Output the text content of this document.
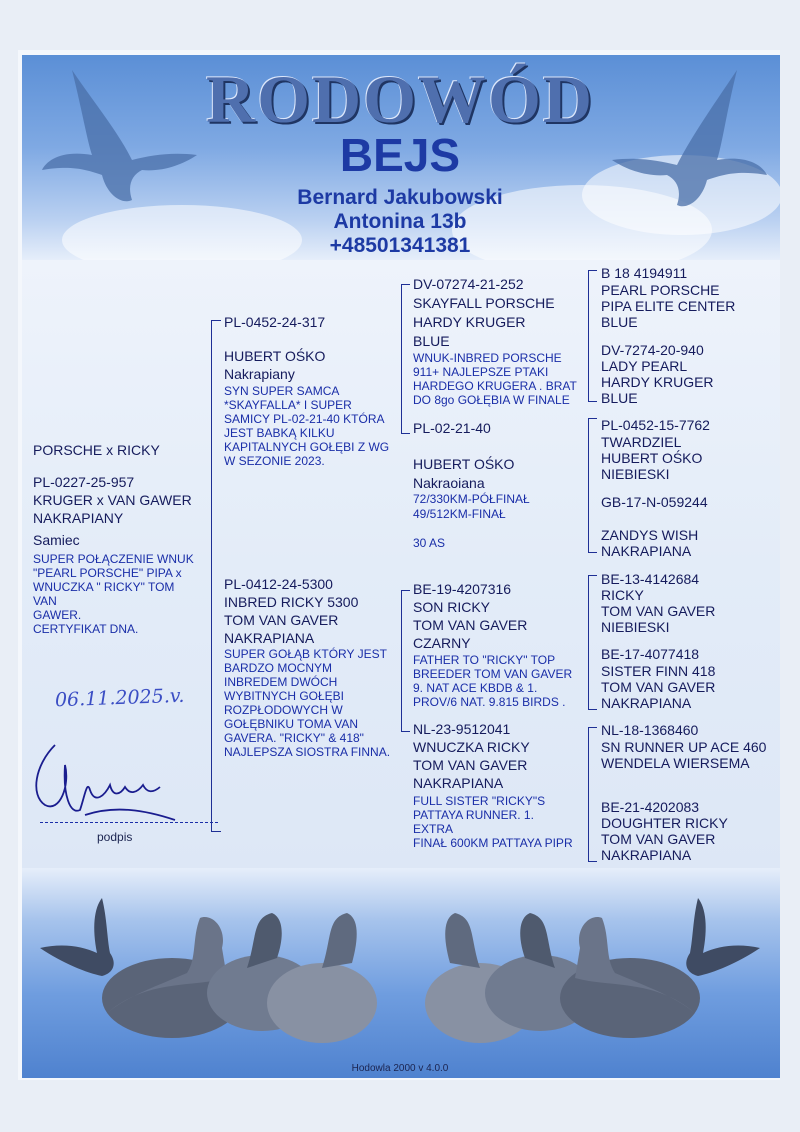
RODOWÓD
BEJS
Bernard Jakubowski
Antonina 13b
+48501341381
PORSCHE x RICKY
PL-0227-25-957
KRUGER x VAN GAWER
NAKRAPIANY
Samiec
SUPER POŁĄCZENIE WNUK
"PEARL PORSCHE" PIPA x
WNUCZKA " RICKY" TOM
VAN
GAWER.
CERTYFIKAT DNA.
06.11.2025.v.
podpis
PL-0452-24-317
HUBERT OŚKO
Nakrapiany
SYN SUPER SAMCA
*SKAYFALLA* I SUPER
SAMICY PL-02-21-40 KTÓRA
JEST BABKĄ KILKU
KAPITALNYCH GOŁĘBI Z WG
W SEZONIE 2023.
PL-0412-24-5300
INBRED RICKY 5300
TOM VAN GAVER
NAKRAPIANA
SUPER GOŁĄB KTÓRY JEST
BARDZO MOCNYM
INBREDEM DWÓCH
WYBITNYCH GOŁĘBI
ROZPŁODOWYCH W
GOŁĘBNIKU TOMA VAN
GAVERA. "RICKY" & 418"
NAJLEPSZA SIOSTRA FINNA.
DV-07274-21-252
SKAYFALL PORSCHE
HARDY KRUGER
BLUE
WNUK-INBRED PORSCHE
911+ NAJLEPSZE PTAKI
HARDEGO KRUGERA . BRAT
DO 8go GOŁĘBIA W FINALE
PL-02-21-40
HUBERT OŚKO
Nakraoiana
72/330KM-PÓŁFINAŁ
49/512KM-FINAŁ
30 AS
BE-19-4207316
SON RICKY
TOM VAN GAVER
CZARNY
FATHER TO "RICKY" TOP
BREEDER TOM VAN GAVER
9. NAT ACE KBDB & 1.
PROV/6 NAT. 9.815 BIRDS .
NL-23-9512041
WNUCZKA RICKY
TOM VAN GAVER
NAKRAPIANA
FULL SISTER "RICKY"S
PATTAYA RUNNER. 1.
EXTRA
FINAŁ 600KM PATTAYA PIPR
B 18 4194911
PEARL PORSCHE
PIPA ELITE CENTER
BLUE
DV-7274-20-940
LADY PEARL
HARDY KRUGER
BLUE
PL-0452-15-7762
TWARDZIEL
HUBERT OŚKO
NIEBIESKI
GB-17-N-059244
ZANDYS WISH
NAKRAPIANA
BE-13-4142684
RICKY
TOM VAN GAVER
NIEBIESKI
BE-17-4077418
SISTER FINN 418
TOM VAN GAVER
NAKRAPIANA
NL-18-1368460
SN RUNNER UP ACE 460
WENDELA WIERSEMA
BE-21-4202083
DOUGHTER RICKY
TOM VAN GAVER
NAKRAPIANA
Hodowla 2000 v 4.0.0
